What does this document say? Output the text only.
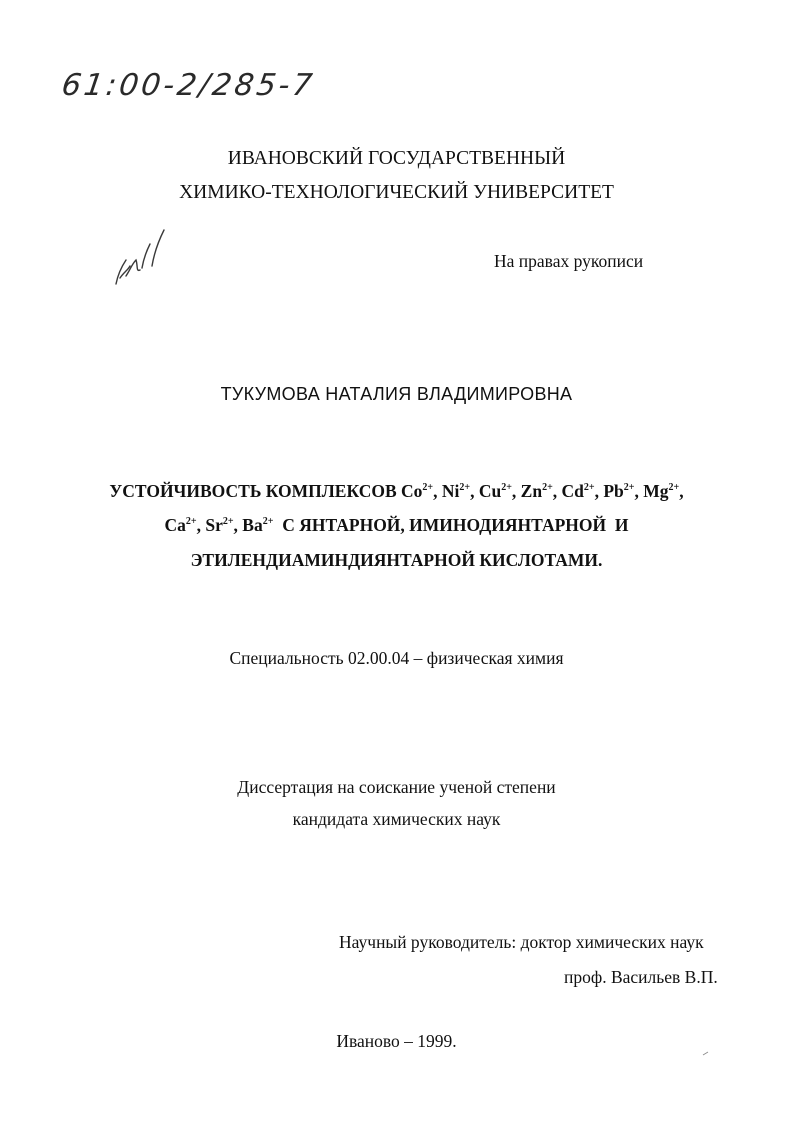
61:00-2/285-7
ИВАНОВСКИЙ ГОСУДАРСТВЕННЫЙ
ХИМИКО-ТЕХНОЛОГИЧЕСКИЙ УНИВЕРСИТЕТ
На правах рукописи
ТУКУМОВА НАТАЛИЯ ВЛАДИМИРОВНА
УСТОЙЧИВОСТЬ КОМПЛЕКСОВ $Co^{2+}$, $Ni^{2+}$, $Cu^{2+}$, $Zn^{2+}$, $Cd^{2+}$, $Pb^{2+}$, $Mg^{2+}$,
$Ca^{2+}$, $Sr^{2+}$, $Ba^{2+}$ С ЯНТАРНОЙ, ИМИНОДИЯНТАРНОЙ  И
ЭТИЛЕНДИАМИНДИЯНТАРНОЙ КИСЛОТАМИ.
Специальность 02.00.04 – физическая химия
Диссертация на соискание ученой степени
кандидата химических наук
Научный руководитель: доктор химических наук
проф. Васильев В.П.
Иваново – 1999.
